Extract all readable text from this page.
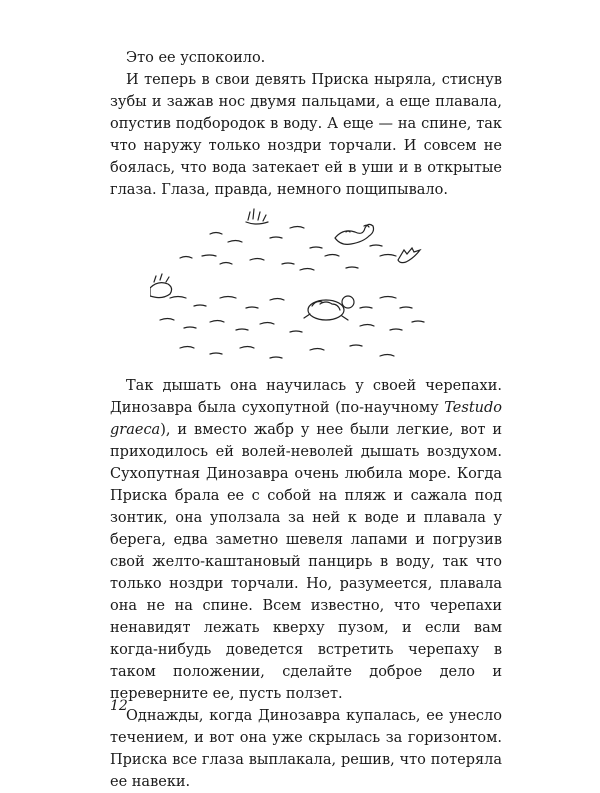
Это ее успокоило.

И теперь в свои девять Приска ныряла, стиснув зубы и зажав нос двумя пальцами, а еще плавала, опустив подбородок в воду. А еще — на спине, так что наружу только ноздри торчали. И совсем не боялась, что вода затекает ей в уши и в открытые глаза. Глаза, правда, немного пощипывало.

Так дышать она научилась у своей черепахи. Динозавра была сухопутной (по-научному Testudo graeca), и вместо жабр у нее были легкие, вот и приходилось ей волей-неволей дышать воздухом. Сухопутная Динозавра очень любила море. Когда Приска брала ее с собой на пляж и сажала под зонтик, она уползала за ней к воде и плавала у берега, едва заметно шевеля лапами и погрузив свой желто-каштановый панцирь в воду, так что только ноздри торчали. Но, разумеется, плавала она не на спине. Всем известно, что черепахи ненавидят лежать кверху пузом, и если вам когда-нибудь доведется встретить черепаху в таком положении, сделайте доброе дело и переверните ее, пусть ползет.

Однажды, когда Динозавра купалась, ее унесло течением, и вот она уже скрылась за горизонтом. Приска все глаза выплакала, решив, что потеряла ее навеки.

12
